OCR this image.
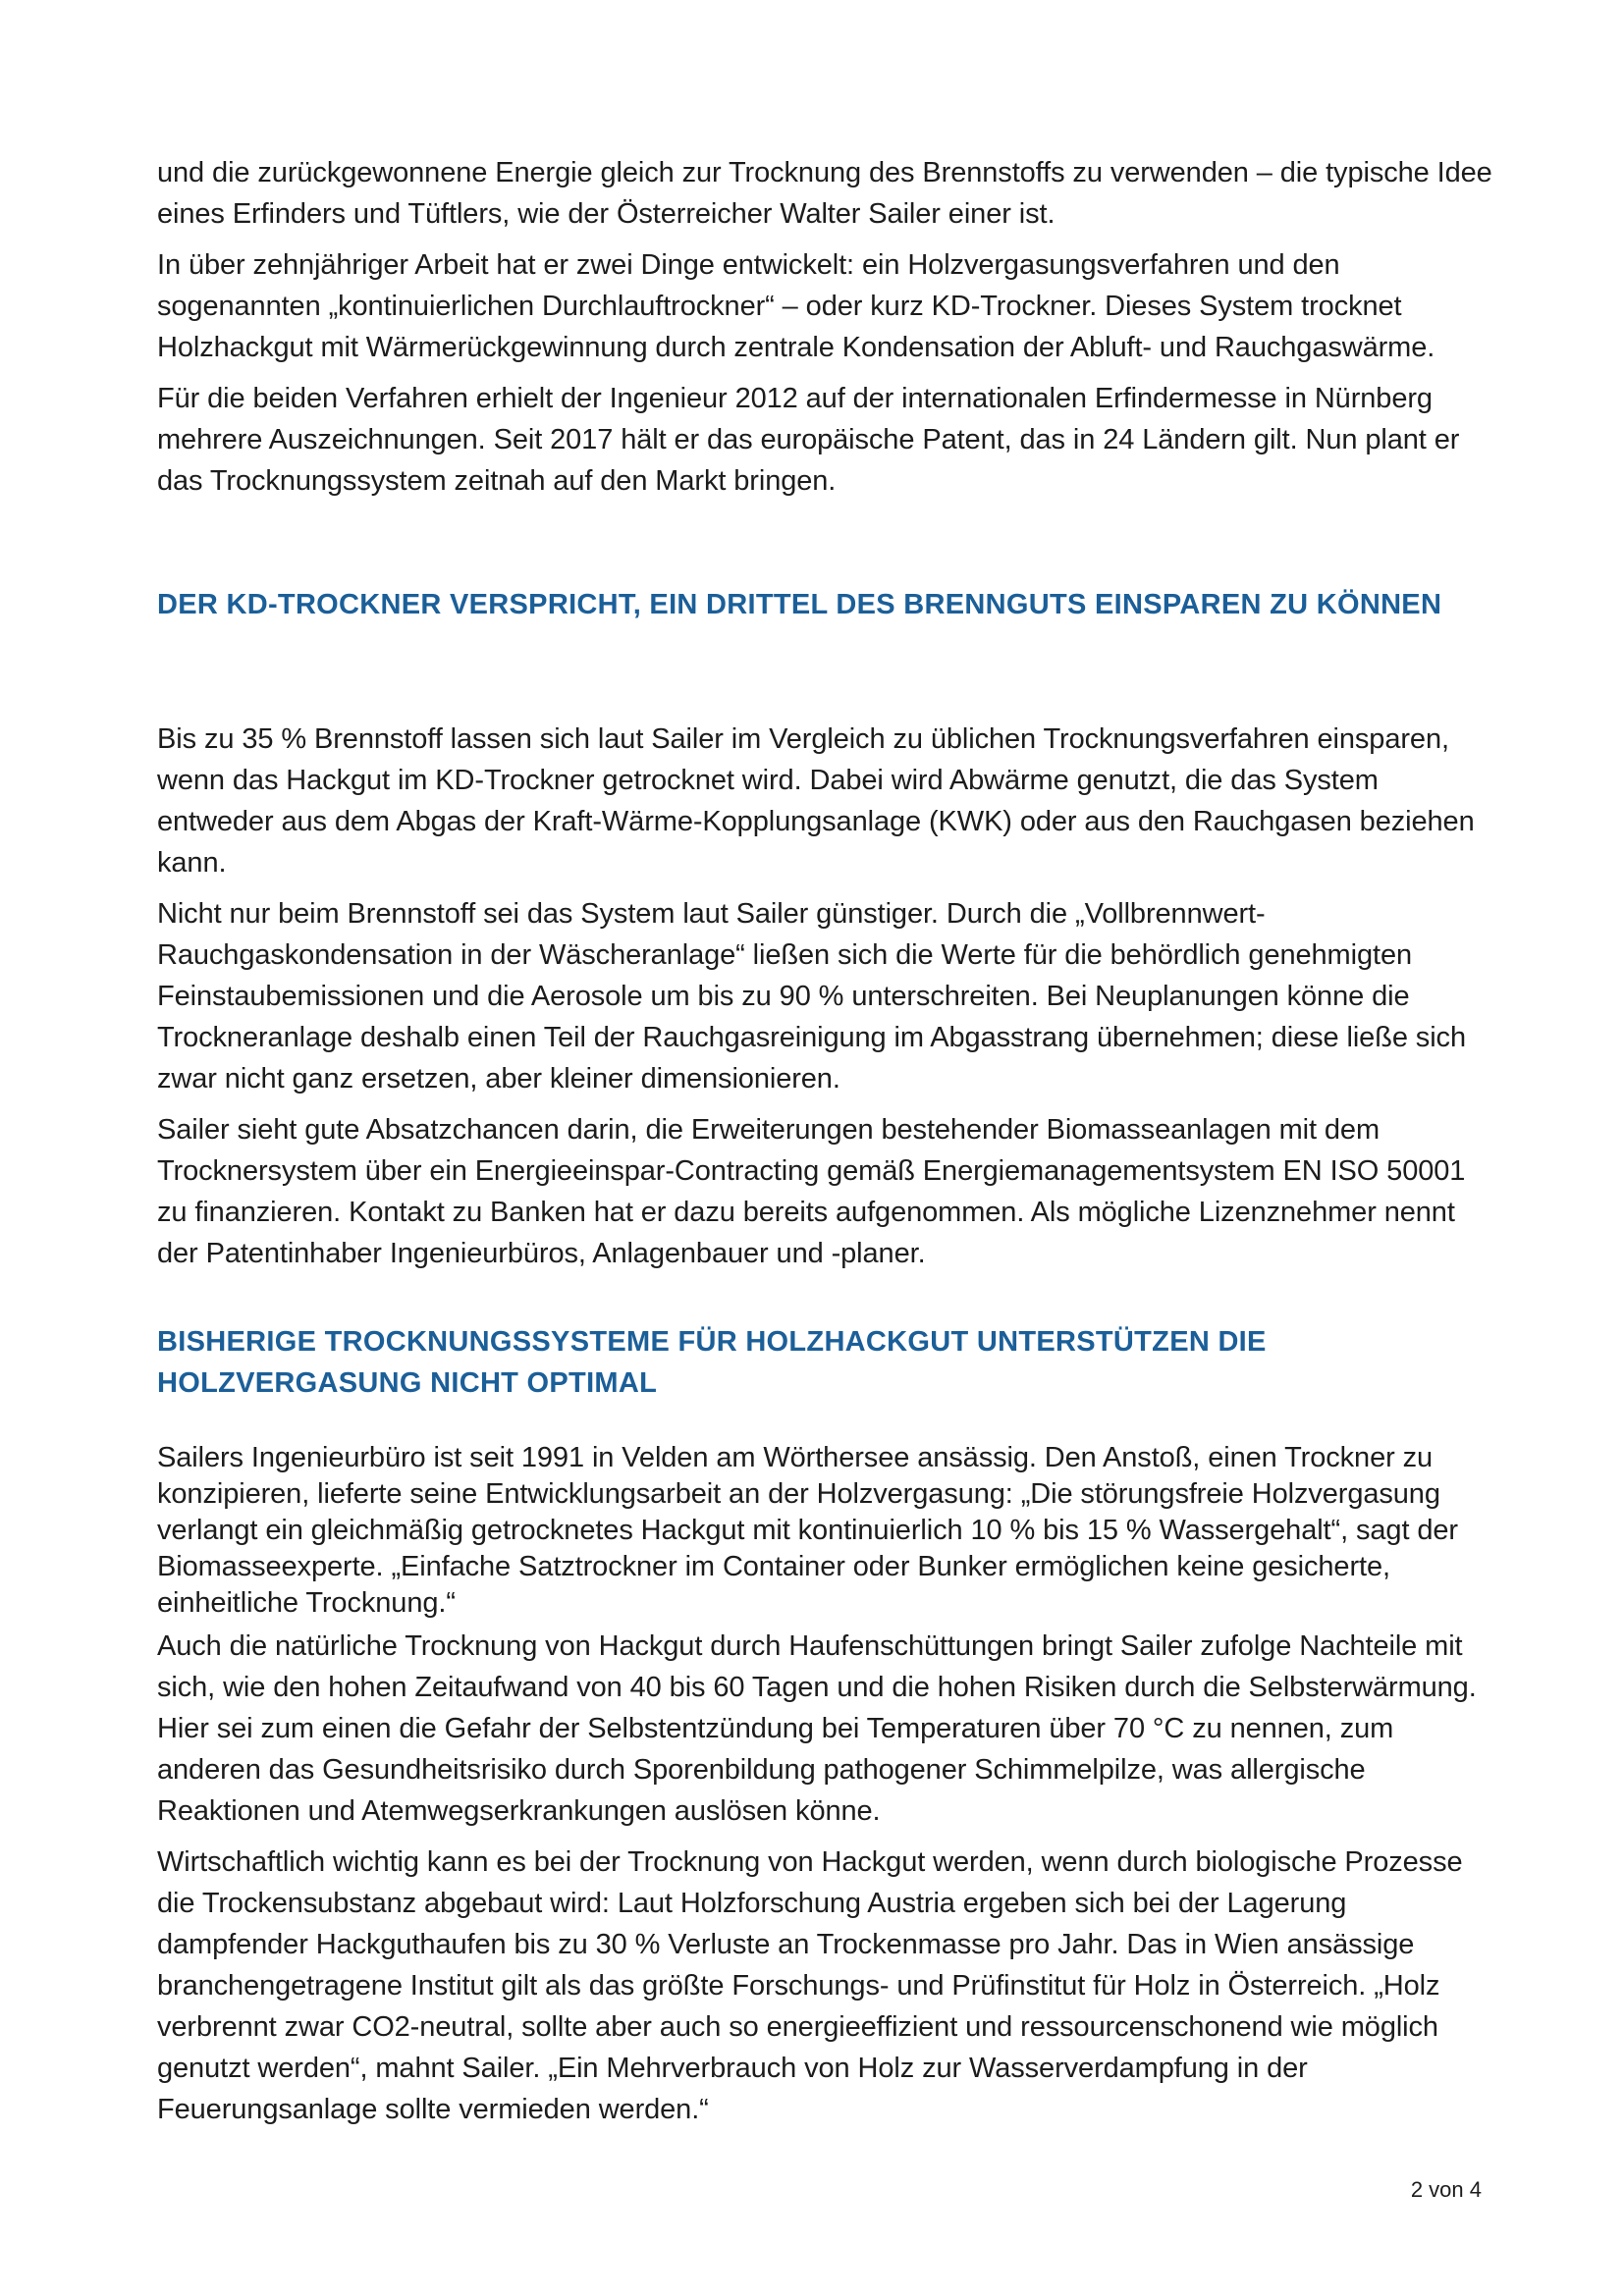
und die zurückgewonnene Energie gleich zur Trocknung des Brennstoffs zu verwenden – die typische Idee eines Erfinders und Tüftlers, wie der Österreicher Walter Sailer einer ist.

In über zehnjähriger Arbeit hat er zwei Dinge entwickelt: ein Holzvergasungsverfahren und den sogenannten „kontinuierlichen Durchlauftrockner“ – oder kurz KD-Trockner. Dieses System trocknet Holzhackgut mit Wärmerückgewinnung durch zentrale Kondensation der Abluft- und Rauchgaswärme.

Für die beiden Verfahren erhielt der Ingenieur 2012 auf der internationalen Erfindermesse in Nürnberg mehrere Auszeichnungen. Seit 2017 hält er das europäische Patent, das in 24 Ländern gilt. Nun plant er das Trocknungssystem zeitnah auf den Markt bringen.

DER KD-TROCKNER VERSPRICHT, EIN DRITTEL DES BRENNGUTS EINSPAREN ZU KÖNNEN

Bis zu 35 % Brennstoff lassen sich laut Sailer im Vergleich zu üblichen Trocknungsverfahren einsparen, wenn das Hackgut im KD-Trockner getrocknet wird. Dabei wird Abwärme genutzt, die das System entweder aus dem Abgas der Kraft-Wärme-Kopplungsanlage (KWK) oder aus den Rauchgasen beziehen kann.

Nicht nur beim Brennstoff sei das System laut Sailer günstiger. Durch die „Vollbrennwert-Rauchgaskondensation in der Wäscheranlage“ ließen sich die Werte für die behördlich genehmigten Feinstaubemissionen und die Aerosole um bis zu 90 % unterschreiten. Bei Neuplanungen könne die Trockneranlage deshalb einen Teil der Rauchgasreinigung im Abgasstrang übernehmen; diese ließe sich zwar nicht ganz ersetzen, aber kleiner dimensionieren.

Sailer sieht gute Absatzchancen darin, die Erweiterungen bestehender Biomasseanlagen mit dem Trocknersystem über ein Energieeinspar-Contracting gemäß Energiemanagementsystem EN ISO 50001 zu finanzieren. Kontakt zu Banken hat er dazu bereits aufgenommen. Als mögliche Lizenznehmer nennt der Patentinhaber Ingenieurbüros, Anlagenbauer und -planer.

BISHERIGE TROCKNUNGSSYSTEME FÜR HOLZHACKGUT UNTERSTÜTZEN DIE HOLZVERGASUNG NICHT OPTIMAL

Sailers Ingenieurbüro ist seit 1991 in Velden am Wörthersee ansässig. Den Anstoß, einen Trockner zu konzipieren, lieferte seine Entwicklungsarbeit an der Holzvergasung: „Die störungsfreie Holzvergasung verlangt ein gleichmäßig getrocknetes Hackgut mit kontinuierlich 10 % bis 15 % Wassergehalt“, sagt der Biomasseexperte. „Einfache Satztrockner im Container oder Bunker ermöglichen keine gesicherte, einheitliche Trocknung.“

Auch die natürliche Trocknung von Hackgut durch Haufenschüttungen bringt Sailer zufolge Nachteile mit sich, wie den hohen Zeitaufwand von 40 bis 60 Tagen und die hohen Risiken durch die Selbsterwärmung. Hier sei zum einen die Gefahr der Selbstentzündung bei Temperaturen über 70 °C zu nennen, zum anderen das Gesundheitsrisiko durch Sporenbildung pathogener Schimmelpilze, was allergische Reaktionen und Atemwegserkrankungen auslösen könne.

Wirtschaftlich wichtig kann es bei der Trocknung von Hackgut werden, wenn durch biologische Prozesse die Trockensubstanz abgebaut wird: Laut Holzforschung Austria ergeben sich bei der Lagerung dampfender Hackguthaufen bis zu 30 % Verluste an Trockenmasse pro Jahr. Das in Wien ansässige branchengetragene Institut gilt als das größte Forschungs- und Prüfinstitut für Holz in Österreich. „Holz verbrennt zwar CO2-neutral, sollte aber auch so energieeffizient und ressourcenschonend wie möglich genutzt werden“, mahnt Sailer. „Ein Mehrverbrauch von Holz zur Wasserverdampfung in der Feuerungsanlage sollte vermieden werden.“

2 von 4
